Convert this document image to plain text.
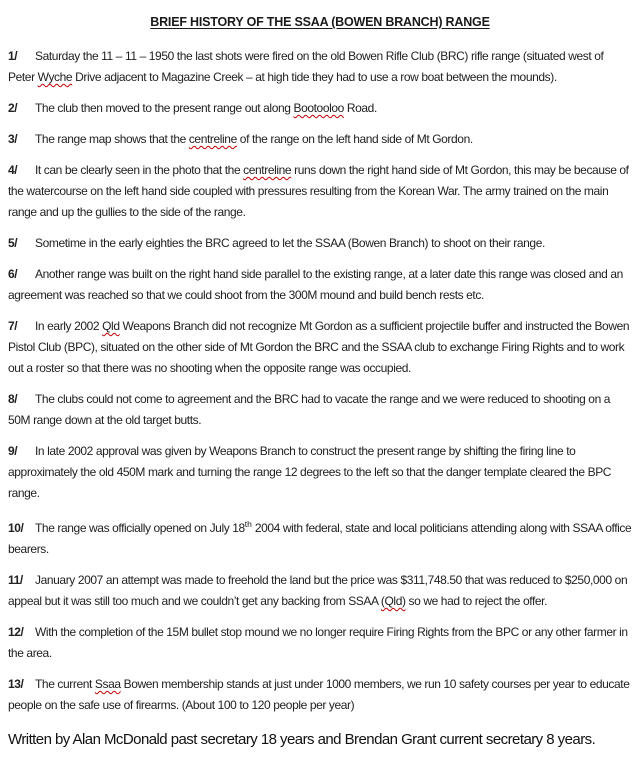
BRIEF HISTORY OF THE SSAA (BOWEN BRANCH) RANGE

1/ Saturday the 11 – 11 – 1950 the last shots were fired on the old Bowen Rifle Club (BRC) rifle range (situated west of Peter Wyche Drive adjacent to Magazine Creek – at high tide they had to use a row boat between the mounds).

2/ The club then moved to the present range out along Bootooloo Road.

3/ The range map shows that the centreline of the range on the left hand side of Mt Gordon.

4/ It can be clearly seen in the photo that the centreline runs down the right hand side of Mt Gordon, this may be because of the watercourse on the left hand side coupled with pressures resulting from the Korean War. The army trained on the main range and up the gullies to the side of the range.

5/ Sometime in the early eighties the BRC agreed to let the SSAA (Bowen Branch) to shoot on their range.

6/ Another range was built on the right hand side parallel to the existing range, at a later date this range was closed and an agreement was reached so that we could shoot from the 300M mound and build bench rests etc.

7/ In early 2002 Qld Weapons Branch did not recognize Mt Gordon as a sufficient projectile buffer and instructed the Bowen Pistol Club (BPC), situated on the other side of Mt Gordon the BRC and the SSAA club to exchange Firing Rights and to work out a roster so that there was no shooting when the opposite range was occupied.

8/ The clubs could not come to agreement and the BRC had to vacate the range and we were reduced to shooting on a 50M range down at the old target butts.

9/ In late 2002 approval was given by Weapons Branch to construct the present range by shifting the firing line to approximately the old 450M mark and turning the range 12 degrees to the left so that the danger template cleared the BPC range.

10/ The range was officially opened on July 18th 2004 with federal, state and local politicians attending along with SSAA office bearers.

11/ January 2007 an attempt was made to freehold the land but the price was $311,748.50 that was reduced to $250,000 on appeal but it was still too much and we couldn’t get any backing from SSAA (Qld) so we had to reject the offer.

12/ With the completion of the 15M bullet stop mound we no longer require Firing Rights from the BPC or any other farmer in the area.

13/ The current Ssaa Bowen membership stands at just under 1000 members, we run 10 safety courses per year to educate people on the safe use of firearms. (About 100 to 120 people per year)

Written by Alan McDonald past secretary 18 years and Brendan Grant current secretary 8 years.
